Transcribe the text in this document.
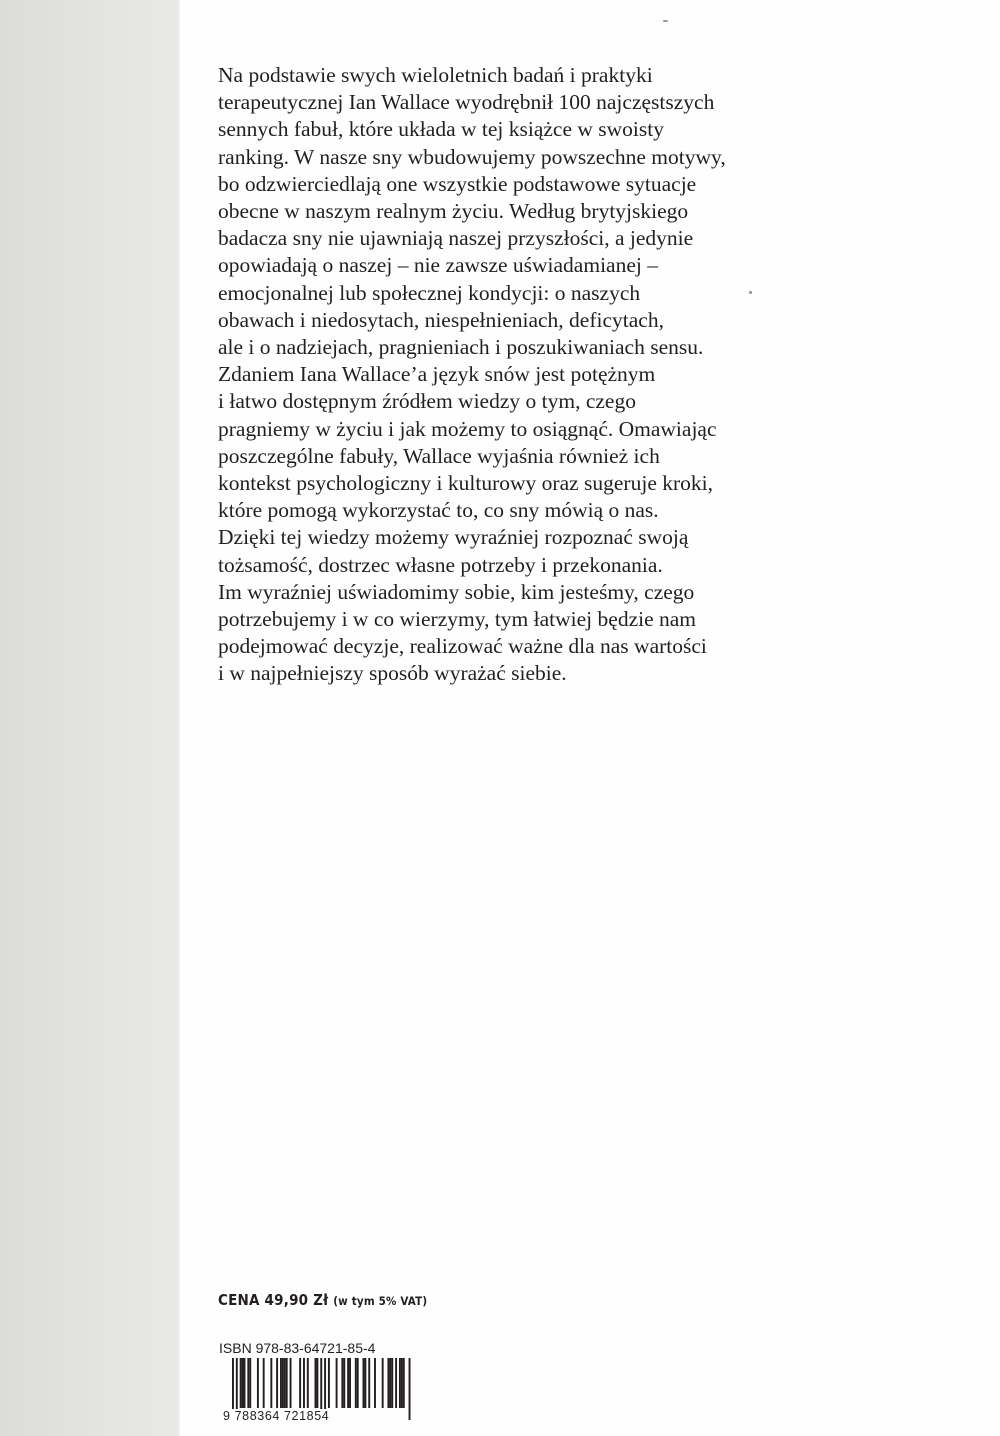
Na podstawie swych wieloletnich badań i praktyki
terapeutycznej Ian Wallace wyodrębnił 100 najczęstszych
sennych fabuł, które układa w tej książce w swoisty
ranking. W nasze sny wbudowujemy powszechne motywy,
bo odzwierciedlają one wszystkie podstawowe sytuacje
obecne w naszym realnym życiu. Według brytyjskiego
badacza sny nie ujawniają naszej przyszłości, a jedynie
opowiadają o naszej – nie zawsze uświadamianej –
emocjonalnej lub społecznej kondycji: o naszych
obawach i niedosytach, niespełnieniach, deficytach,
ale i o nadziejach, pragnieniach i poszukiwaniach sensu.
Zdaniem Iana Wallace’a język snów jest potężnym
i łatwo dostępnym źródłem wiedzy o tym, czego
pragniemy w życiu i jak możemy to osiągnąć. Omawiając
poszczególne fabuły, Wallace wyjaśnia również ich
kontekst psychologiczny i kulturowy oraz sugeruje kroki,
które pomogą wykorzystać to, co sny mówią o nas.
Dzięki tej wiedzy możemy wyraźniej rozpoznać swoją
tożsamość, dostrzec własne potrzeby i przekonania.
Im wyraźniej uświadomimy sobie, kim jesteśmy, czego
potrzebujemy i w co wierzymy, tym łatwiej będzie nam
podejmować decyzje, realizować ważne dla nas wartości
i w najpełniejszy sposób wyrażać siebie.

CENA 49,90 Zł (w tym 5% VAT)
ISBN 978-83-64721-85-4
9 788364 721854
